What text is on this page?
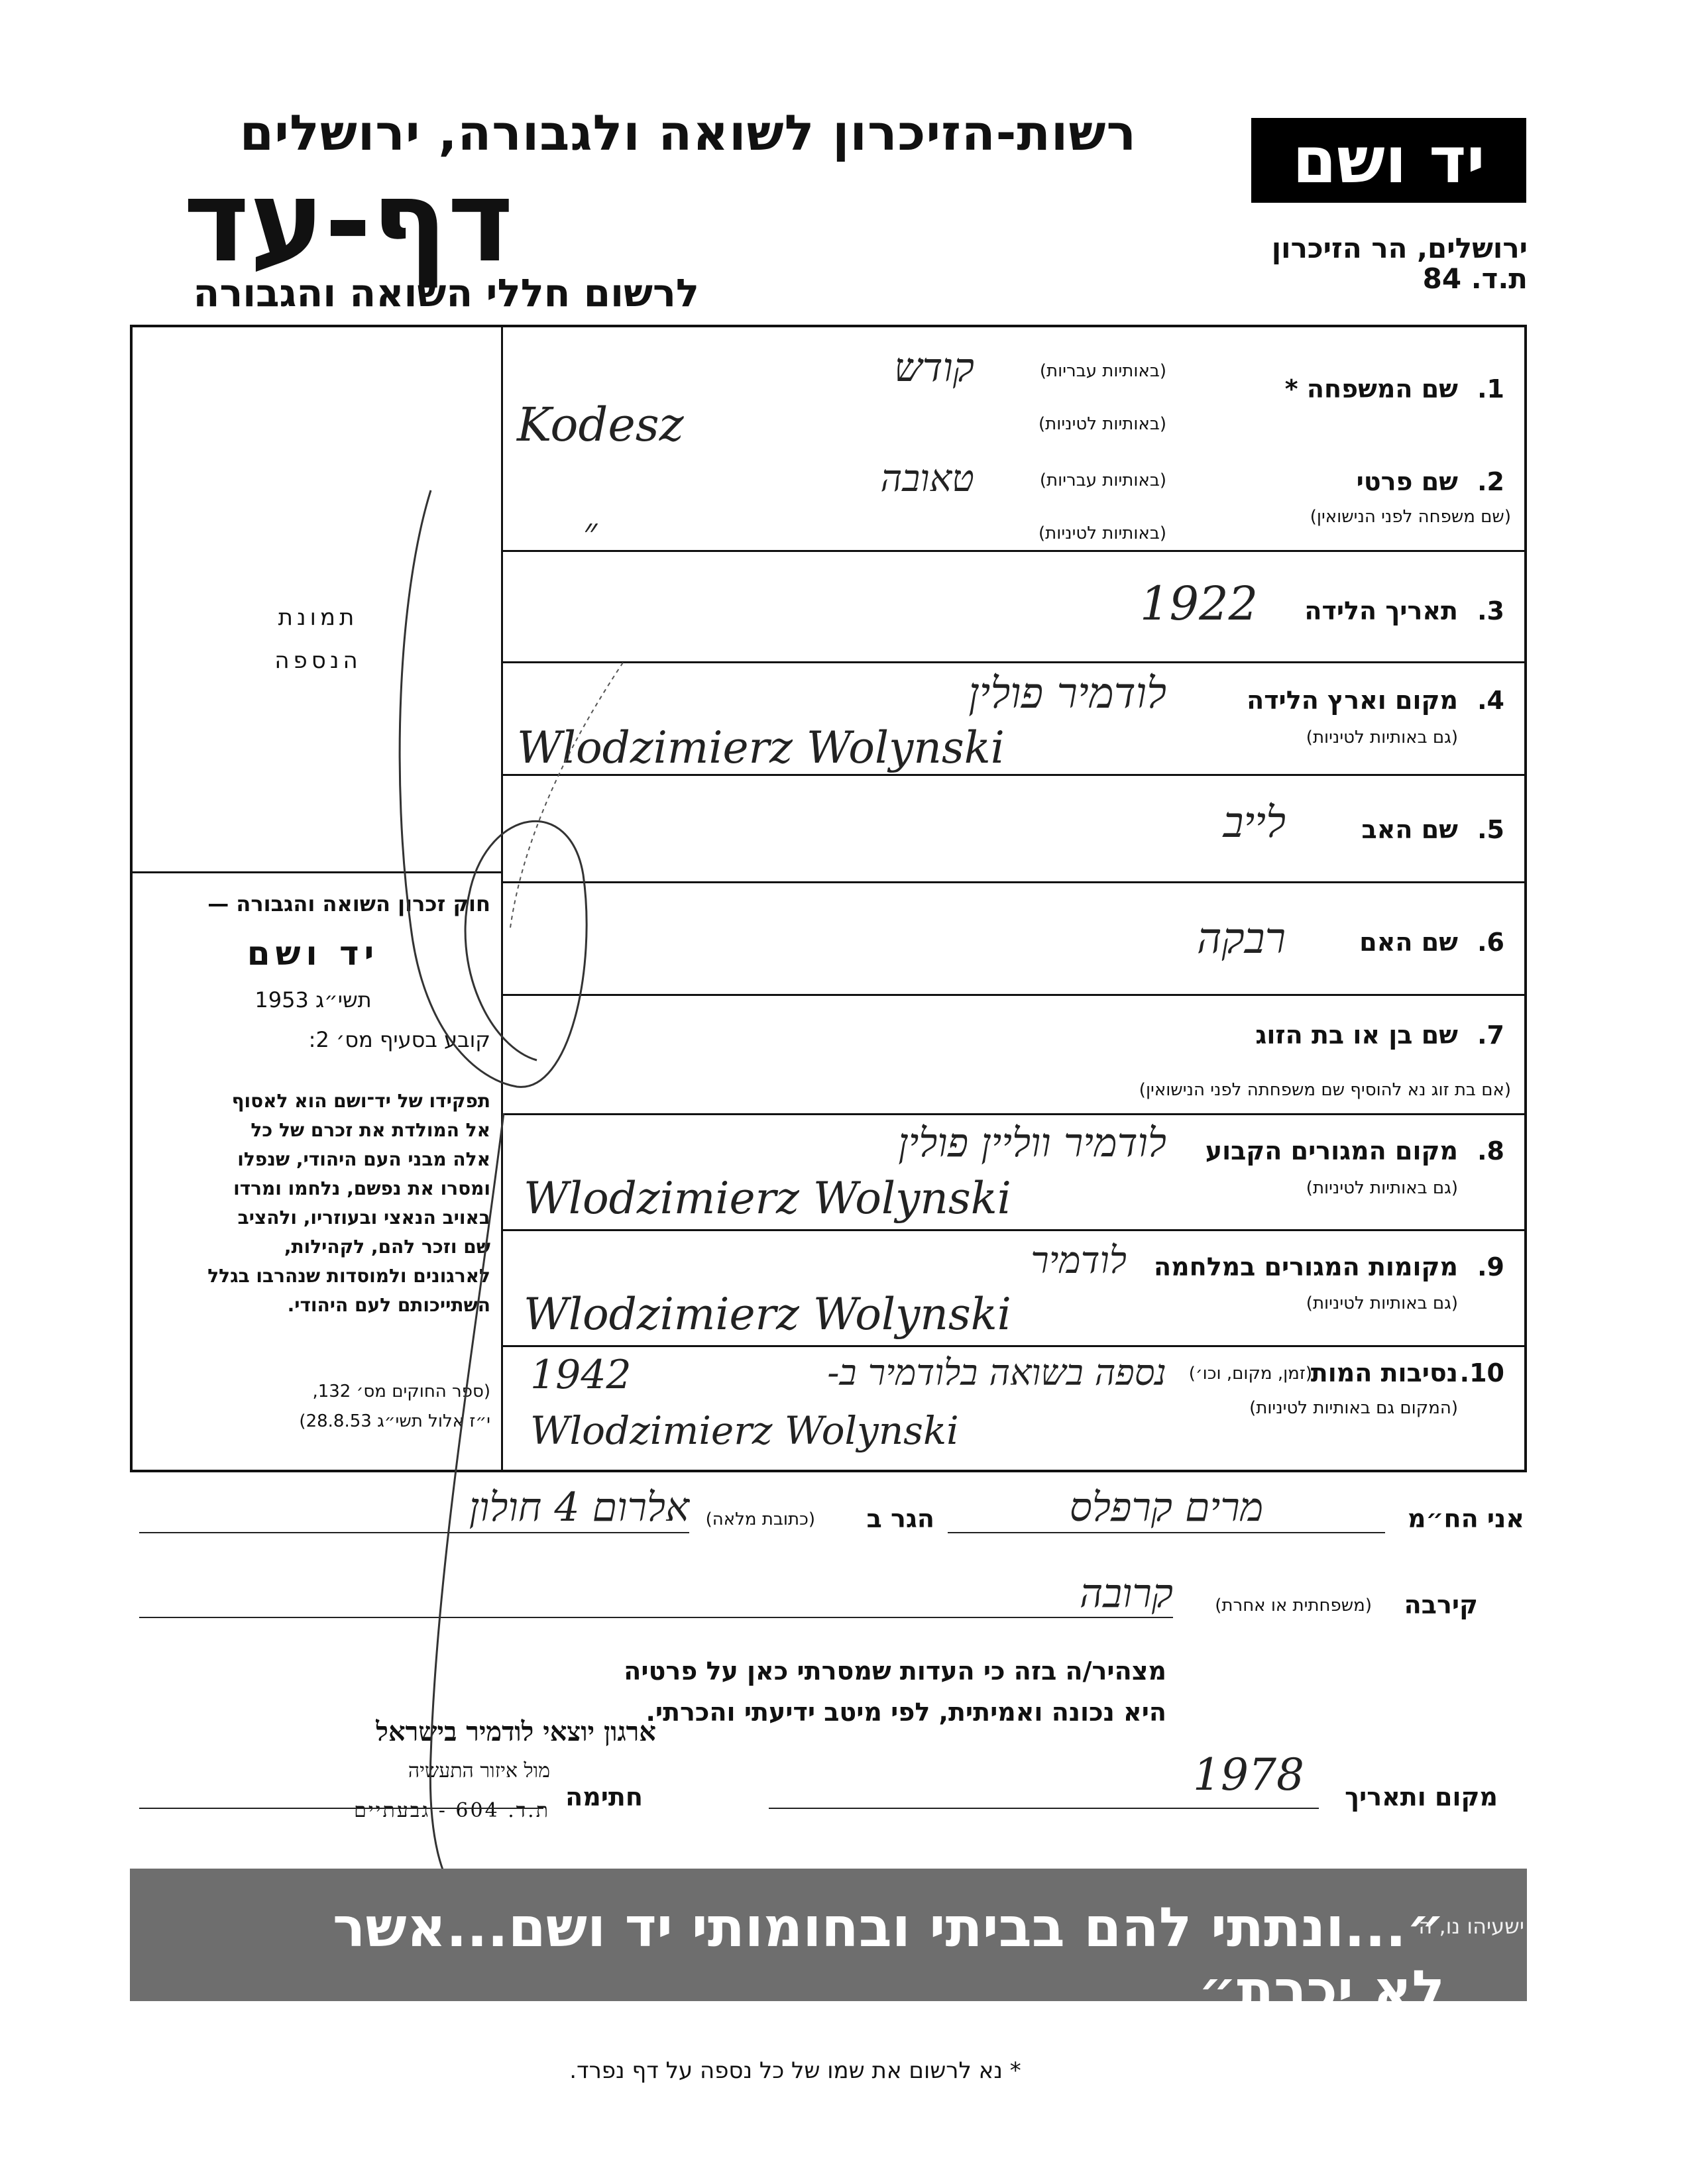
רשות-הזיכרון לשואה ולגבורה, ירושלים
דף-עד
לרשום חללי השואה והגבורה
יד ושם
ירושלים, הר הזיכרון
ת.ד. 84
תמונת
הנספה
חוק זכרון השואה והגבורה —
יד ושם
תשי״ג 1953
קובע בסעיף מס׳ 2:
תפקידו של יד־ושם הוא לאסוף
אל המולדת את זכרם של כל
אלה מבני העם היהודי, שנפלו
ומסרו את נפשם, נלחמו ומרדו
באויב הנאצי ובעוזריו, ולהציב
שם וזכר להם, לקהילות,
לארגונים ולמוסדות שנהרבו בגלל
השתייכותם לעם היהודי.
(ספר החוקים מס׳ 132,
י״ז אלול תשי״ג 28.8.53)
1.
שם המשפחה *
(באותיות עבריות)
(באותיות לטיניות)
קודש
Kodesz
2.
שם פרטי
(שם משפחה לפני הנישואין)
(באותיות עבריות)
(באותיות לטיניות)
טאובה
״
3.
תאריך הלידה
1922
4.
מקום וארץ הלידה
(גם באותיות לטיניות)
לודמיר פולין
Wlodzimierz Wolynski
5.
שם האב
לייב
6.
שם האם
רבקה
7.
שם בן או בת הזוג
(אם בת זוג נא להוסיף שם משפחתה לפני הנישואין)
8.
מקום המגורים הקבוע
(גם באותיות לטיניות)
לודמיר ווליין פולין
Wlodzimierz Wolynski
9.
מקומות המגורים במלחמה
(גם באותיות לטיניות)
לודמיר
Wlodzimierz Wolynski
10.
נסיבות המות
(זמן, מקום, וכו׳)
(המקום גם באותיות לטיניות)
נספה בשואה בלודמיר ב-
1942
Wlodzimierz Wolynski
אני הח״מ
מרים קרפלס
הגר ב
(כתובת מלאה)
אלרום 4 חולון
קירבה
(משפחתית או אחרת)
קרובה
מצהיר/ה בזה כי העדות שמסרתי כאן על פרטיה
היא נכונה ואמיתית, לפי מיטב ידיעתי והכרתי.
מקום ותאריך
1978
ארגון יוצאי לודמיר בישראל
מול איזור התעשיה
ת.ד. 604 - גבעתיים חתימה
״...ונתתי להם בביתי ובחומותי יד ושם...אשר לא יכרת״
ישעיהו נו, ה
* נא לרשום את שמו של כל נספה על דף נפרד.
